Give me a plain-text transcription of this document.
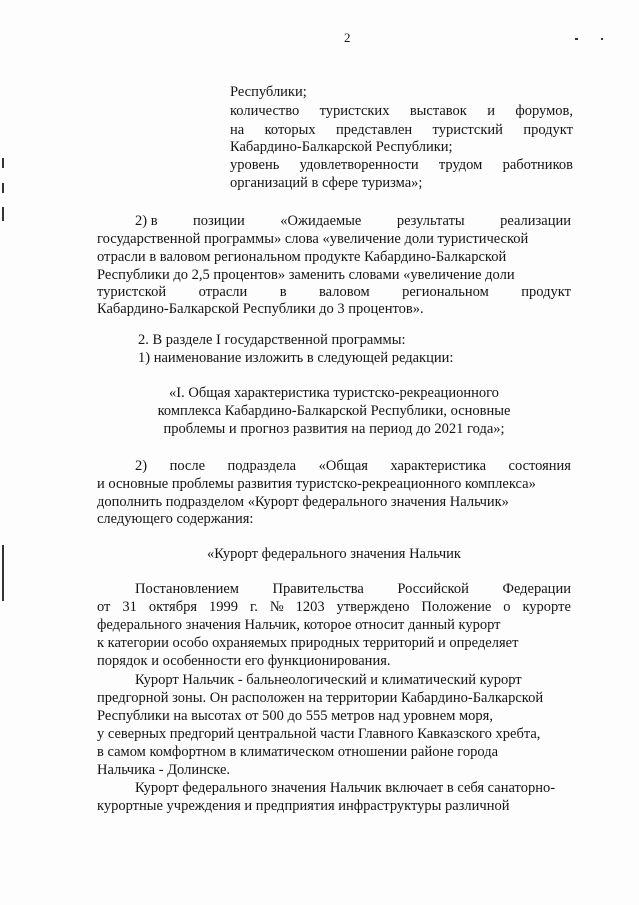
2
Республики;
количество туристских выставок и форумов,
на которых представлен туристский продукт
Кабардино-Балкарской Республики;
уровень удовлетворенности трудом работников
организаций в сфере туризма»;
2) в позиции «Ожидаемые результаты реализации
государственной программы» слова «увеличение доли туристической
отрасли в валовом региональном продукте Кабардино-Балкарской
Республики до 2,5 процентов» заменить словами «увеличение доли
туристской отрасли в валовом региональном продукт
Кабардино-Балкарской Республики до 3 процентов».
2. В разделе I государственной программы:
1) наименование изложить в следующей редакции:
«I. Общая характеристика туристско-рекреационного
комплекса Кабардино-Балкарской Республики, основные
проблемы и прогноз развития на период до 2021 года»;
2) после подраздела «Общая характеристика состояния
и основные проблемы развития туристско-рекреационного комплекса»
дополнить подразделом «Курорт федерального значения Нальчик»
следующего содержания:
«Курорт федерального значения Нальчик
Постановлением Правительства Российской Федерации
от 31 октября 1999 г. № 1203 утверждено Положение о курорте
федерального значения Нальчик, которое относит данный курорт
к категории особо охраняемых природных территорий и определяет
порядок и особенности его функционирования.
Курорт Нальчик - бальнеологический и климатический курорт
предгорной зоны. Он расположен на территории Кабардино-Балкарской
Республики на высотах от 500 до 555 метров над уровнем моря,
у северных предгорий центральной части Главного Кавказского хребта,
в самом комфортном в климатическом отношении районе города
Нальчика - Долинске.
Курорт федерального значения Нальчик включает в себя санаторно-
курортные учреждения и предприятия инфраструктуры различной
